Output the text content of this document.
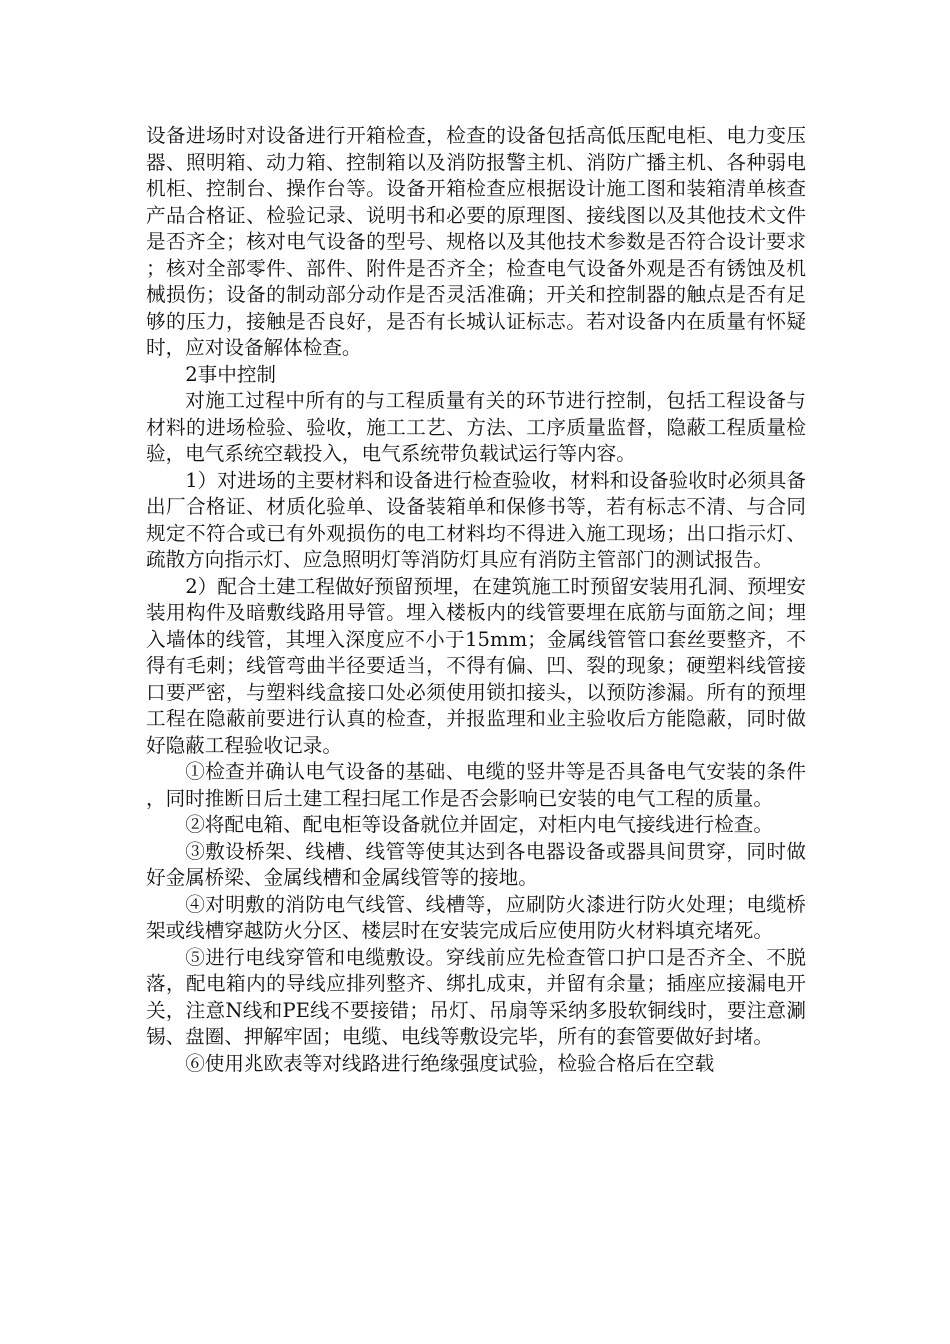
设备进场时对设备进行开箱检查，检查的设备包括高低压配电柜、电力变压器、照明箱、动力箱、控制箱以及消防报警主机、消防广播主机、各种弱电机柜、控制台、操作台等。设备开箱检查应根据设计施工图和装箱清单核查产品合格证、检验记录、说明书和必要的原理图、接线图以及其他技术文件是否齐全；核对电气设备的型号、规格以及其他技术参数是否符合设计要求；核对全部零件、部件、附件是否齐全；检查电气设备外观是否有锈蚀及机械损伤；设备的制动部分动作是否灵活准确；开关和控制器的触点是否有足够的压力，接触是否良好，是否有长城认证标志。若对设备内在质量有怀疑时，应对设备解体检查。

2事中控制

对施工过程中所有的与工程质量有关的环节进行控制，包括工程设备与材料的进场检验、验收，施工工艺、方法、工序质量监督，隐蔽工程质量检验，电气系统空载投入，电气系统带负载试运行等内容。

1）对进场的主要材料和设备进行检查验收，材料和设备验收时必须具备出厂合格证、材质化验单、设备装箱单和保修书等，若有标志不清、与合同规定不符合或已有外观损伤的电工材料均不得进入施工现场；出口指示灯、疏散方向指示灯、应急照明灯等消防灯具应有消防主管部门的测试报告。

2）配合土建工程做好预留预埋，在建筑施工时预留安装用孔洞、预埋安装用构件及暗敷线路用导管。埋入楼板内的线管要埋在底筋与面筋之间；埋入墙体的线管，其埋入深度应不小于15mm；金属线管管口套丝要整齐，不得有毛刺；线管弯曲半径要适当，不得有偏、凹、裂的现象；硬塑料线管接口要严密，与塑料线盒接口处必须使用锁扣接头，以预防渗漏。所有的预埋工程在隐蔽前要进行认真的检查，并报监理和业主验收后方能隐蔽，同时做好隐蔽工程验收记录。

①检查并确认电气设备的基础、电缆的竖井等是否具备电气安装的条件，同时推断日后土建工程扫尾工作是否会影响已安装的电气工程的质量。

②将配电箱、配电柜等设备就位并固定，对柜内电气接线进行检查。

③敷设桥架、线槽、线管等使其达到各电器设备或器具间贯穿，同时做好金属桥梁、金属线槽和金属线管等的接地。

④对明敷的消防电气线管、线槽等，应刷防火漆进行防火处理；电缆桥架或线槽穿越防火分区、楼层时在安装完成后应使用防火材料填充堵死。

⑤进行电线穿管和电缆敷设。穿线前应先检查管口护口是否齐全、不脱落，配电箱内的导线应排列整齐、绑扎成束，并留有余量；插座应接漏电开关，注意N线和PE线不要接错；吊灯、吊扇等采纳多股软铜线时，要注意涮锡、盘圈、押解牢固；电缆、电线等敷设完毕，所有的套管要做好封堵。

⑥使用兆欧表等对线路进行绝缘强度试验，检验合格后在空载
